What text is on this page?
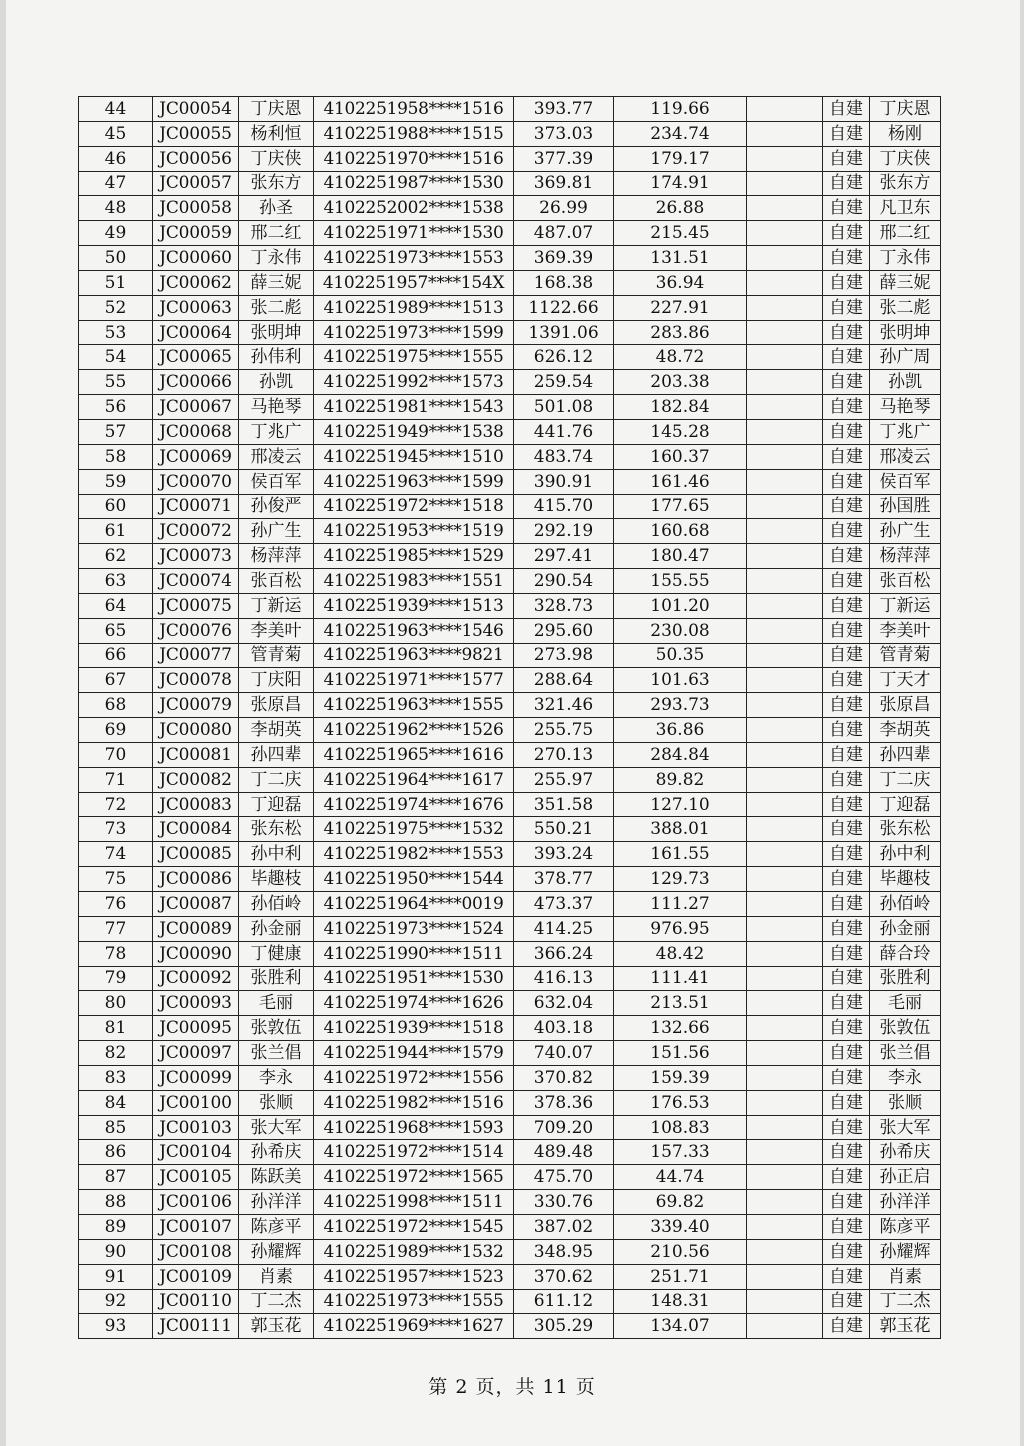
44	JC00054	丁庆恩	4102251958****1516	393.77	119.66		自建	丁庆恩
45	JC00055	杨利恒	4102251988****1515	373.03	234.74		自建	杨刚
46	JC00056	丁庆侠	4102251970****1516	377.39	179.17		自建	丁庆侠
47	JC00057	张东方	4102251987****1530	369.81	174.91		自建	张东方
48	JC00058	孙圣	4102252002****1538	26.99	26.88		自建	凡卫东
49	JC00059	邢二红	4102251971****1530	487.07	215.45		自建	邢二红
50	JC00060	丁永伟	4102251973****1553	369.39	131.51		自建	丁永伟
51	JC00062	薛三妮	4102251957****154X	168.38	36.94		自建	薛三妮
52	JC00063	张二彪	4102251989****1513	1122.66	227.91		自建	张二彪
53	JC00064	张明坤	4102251973****1599	1391.06	283.86		自建	张明坤
54	JC00065	孙伟利	4102251975****1555	626.12	48.72		自建	孙广周
55	JC00066	孙凯	4102251992****1573	259.54	203.38		自建	孙凯
56	JC00067	马艳琴	4102251981****1543	501.08	182.84		自建	马艳琴
57	JC00068	丁兆广	4102251949****1538	441.76	145.28		自建	丁兆广
58	JC00069	邢凌云	4102251945****1510	483.74	160.37		自建	邢凌云
59	JC00070	侯百军	4102251963****1599	390.91	161.46		自建	侯百军
60	JC00071	孙俊严	4102251972****1518	415.70	177.65		自建	孙国胜
61	JC00072	孙广生	4102251953****1519	292.19	160.68		自建	孙广生
62	JC00073	杨萍萍	4102251985****1529	297.41	180.47		自建	杨萍萍
63	JC00074	张百松	4102251983****1551	290.54	155.55		自建	张百松
64	JC00075	丁新运	4102251939****1513	328.73	101.20		自建	丁新运
65	JC00076	李美叶	4102251963****1546	295.60	230.08		自建	李美叶
66	JC00077	管青菊	4102251963****9821	273.98	50.35		自建	管青菊
67	JC00078	丁庆阳	4102251971****1577	288.64	101.63		自建	丁天才
68	JC00079	张原昌	4102251963****1555	321.46	293.73		自建	张原昌
69	JC00080	李胡英	4102251962****1526	255.75	36.86		自建	李胡英
70	JC00081	孙四辈	4102251965****1616	270.13	284.84		自建	孙四辈
71	JC00082	丁二庆	4102251964****1617	255.97	89.82		自建	丁二庆
72	JC00083	丁迎磊	4102251974****1676	351.58	127.10		自建	丁迎磊
73	JC00084	张东松	4102251975****1532	550.21	388.01		自建	张东松
74	JC00085	孙中利	4102251982****1553	393.24	161.55		自建	孙中利
75	JC00086	毕趣枝	4102251950****1544	378.77	129.73		自建	毕趣枝
76	JC00087	孙佰岭	4102251964****0019	473.37	111.27		自建	孙佰岭
77	JC00089	孙金丽	4102251973****1524	414.25	976.95		自建	孙金丽
78	JC00090	丁健康	4102251990****1511	366.24	48.42		自建	薛合玲
79	JC00092	张胜利	4102251951****1530	416.13	111.41		自建	张胜利
80	JC00093	毛丽	4102251974****1626	632.04	213.51		自建	毛丽
81	JC00095	张敦伍	4102251939****1518	403.18	132.66		自建	张敦伍
82	JC00097	张兰倡	4102251944****1579	740.07	151.56		自建	张兰倡
83	JC00099	李永	4102251972****1556	370.82	159.39		自建	李永
84	JC00100	张顺	4102251982****1516	378.36	176.53		自建	张顺
85	JC00103	张大军	4102251968****1593	709.20	108.83		自建	张大军
86	JC00104	孙希庆	4102251972****1514	489.48	157.33		自建	孙希庆
87	JC00105	陈跃美	4102251972****1565	475.70	44.74		自建	孙正启
88	JC00106	孙洋洋	4102251998****1511	330.76	69.82		自建	孙洋洋
89	JC00107	陈彦平	4102251972****1545	387.02	339.40		自建	陈彦平
90	JC00108	孙耀辉	4102251989****1532	348.95	210.56		自建	孙耀辉
91	JC00109	肖素	4102251957****1523	370.62	251.71		自建	肖素
92	JC00110	丁二杰	4102251973****1555	611.12	148.31		自建	丁二杰
93	JC00111	郭玉花	4102251969****1627	305.29	134.07		自建	郭玉花
第 2 页，共 11 页
